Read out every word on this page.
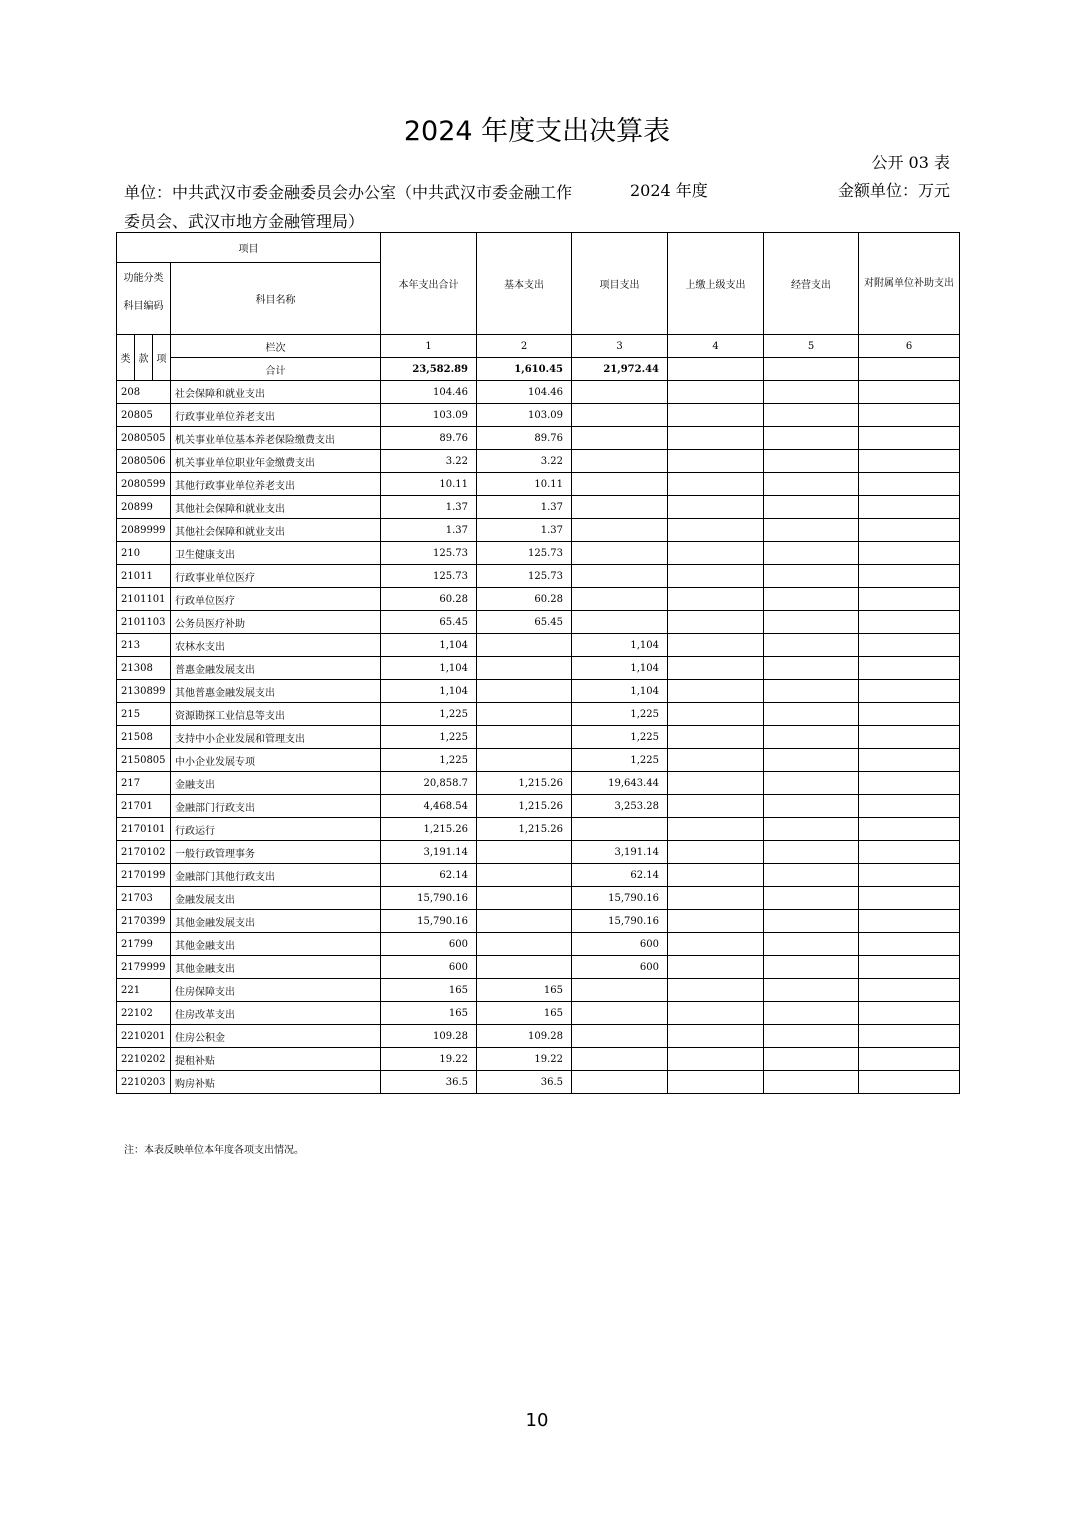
2024 年度支出决算表
公开 03 表
单位：中共武汉市委金融委员会办公室（中共武汉市委金融工作委员会、武汉市地方金融管理局）
2024 年度	金额单位：万元
项目				本年支出合计	基本支出	项目支出	上缴上级支出	经营支出	对附属单位补助支出
功能分类科目编码			科目名称						
类	款	项	栏次	1	2	3	4	5	6
			合计	23,582.89	1,610.45	21,972.44			
208			社会保障和就业支出	104.46	104.46				
20805			行政事业单位养老支出	103.09	103.09				
2080505			机关事业单位基本养老保险缴费支出	89.76	89.76				
2080506			机关事业单位职业年金缴费支出	3.22	3.22				
2080599			其他行政事业单位养老支出	10.11	10.11				
20899			其他社会保障和就业支出	1.37	1.37				
2089999			其他社会保障和就业支出	1.37	1.37				
210			卫生健康支出	125.73	125.73				
21011			行政事业单位医疗	125.73	125.73				
2101101			行政单位医疗	60.28	60.28				
2101103			公务员医疗补助	65.45	65.45				
213			农林水支出	1,104		1,104			
21308			普惠金融发展支出	1,104		1,104			
2130899			其他普惠金融发展支出	1,104		1,104			
215			资源勘探工业信息等支出	1,225		1,225			
21508			支持中小企业发展和管理支出	1,225		1,225			
2150805			中小企业发展专项	1,225		1,225			
217			金融支出	20,858.7	1,215.26	19,643.44			
21701			金融部门行政支出	4,468.54	1,215.26	3,253.28			
2170101			行政运行	1,215.26	1,215.26				
2170102			一般行政管理事务	3,191.14		3,191.14			
2170199			金融部门其他行政支出	62.14		62.14			
21703			金融发展支出	15,790.16		15,790.16			
2170399			其他金融发展支出	15,790.16		15,790.16			
21799			其他金融支出	600		600			
2179999			其他金融支出	600		600			
221			住房保障支出	165	165				
22102			住房改革支出	165	165				
2210201			住房公积金	109.28	109.28				
2210202			提租补贴	19.22	19.22				
2210203			购房补贴	36.5	36.5				
注：本表反映单位本年度各项支出情况。
10
